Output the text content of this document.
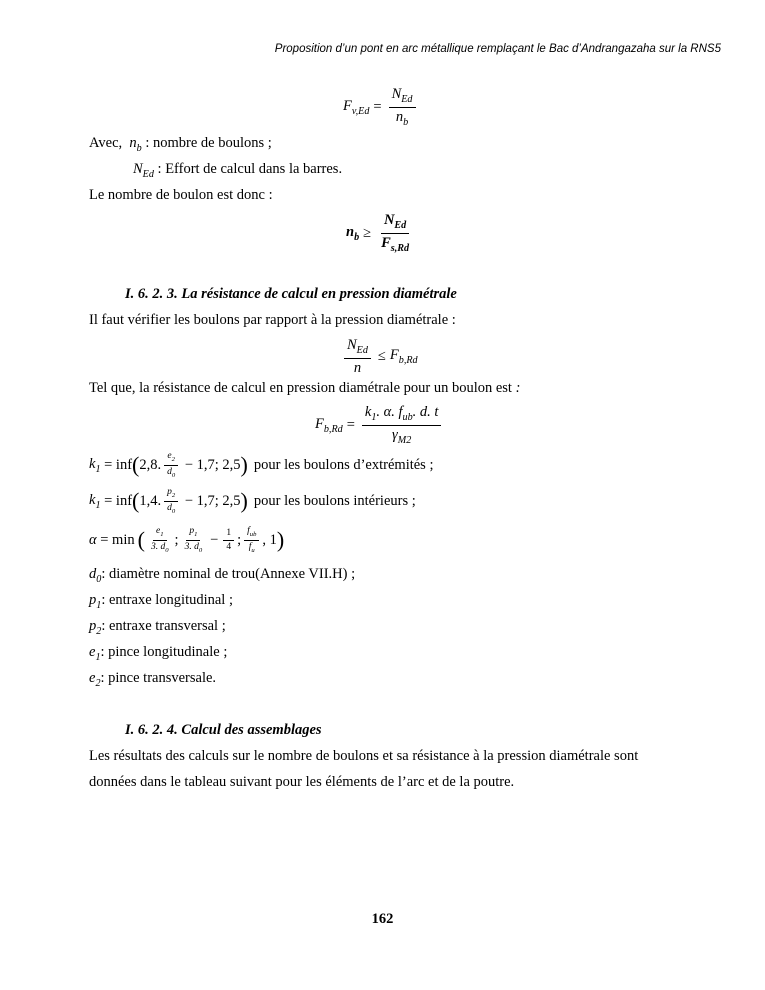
Proposition d’un pont en arc métallique remplaçant le Bac d’Andrangazaha sur la RNS5
$F_{v,Ed} = \frac{N_{Ed}}{n_b}$
Avec, $n_b$ : nombre de boulons ;
$N_{Ed}$ : Effort de calcul dans la barres.
Le nombre de boulon est donc :
$n_b \ge \frac{N_{Ed}}{F_{s,Rd}}$
I. 6. 2. 3. La résistance de calcul en pression diamétrale
Il faut vérifier les boulons par rapport à la pression diamétrale :
$\frac{N_{Ed}}{n} \le F_{b,Rd}$
Tel que, la résistance de calcul en pression diamétrale pour un boulon est :
$F_{b,Rd} = \frac{k_1. \alpha. f_{ub}. d. t}{\gamma_{M2}}$
$k_1$ = inf ( 2,8. $\frac{e_2}{d_0} - 1,7$; 2,5 ) pour les boulons d’extrémités ;
$k_1$ = inf ( 1,4. $\frac{p_2}{d_0} - 1,7$; 2,5 ) pour les boulons intérieurs ;
α = min ( $\frac{e_1}{3. d_0}$ ; $\frac{p_1}{3. d_0} - \frac{1}{4}$ ; $\frac{f_{ub}}{f_u}$ , 1 )
$d_0$: diamètre nominal de trou(Annexe VII.H) ;
$p_1$: entraxe longitudinal ;
$p_2$: entraxe transversal ;
$e_1$: pince longitudinale ;
$e_2$: pince transversale.
I. 6. 2. 4. Calcul des assemblages
Les résultats des calculs sur le nombre de boulons et sa résistance à la pression diamétrale sont
données dans le tableau suivant pour les éléments de l’arc et de la poutre.
162
